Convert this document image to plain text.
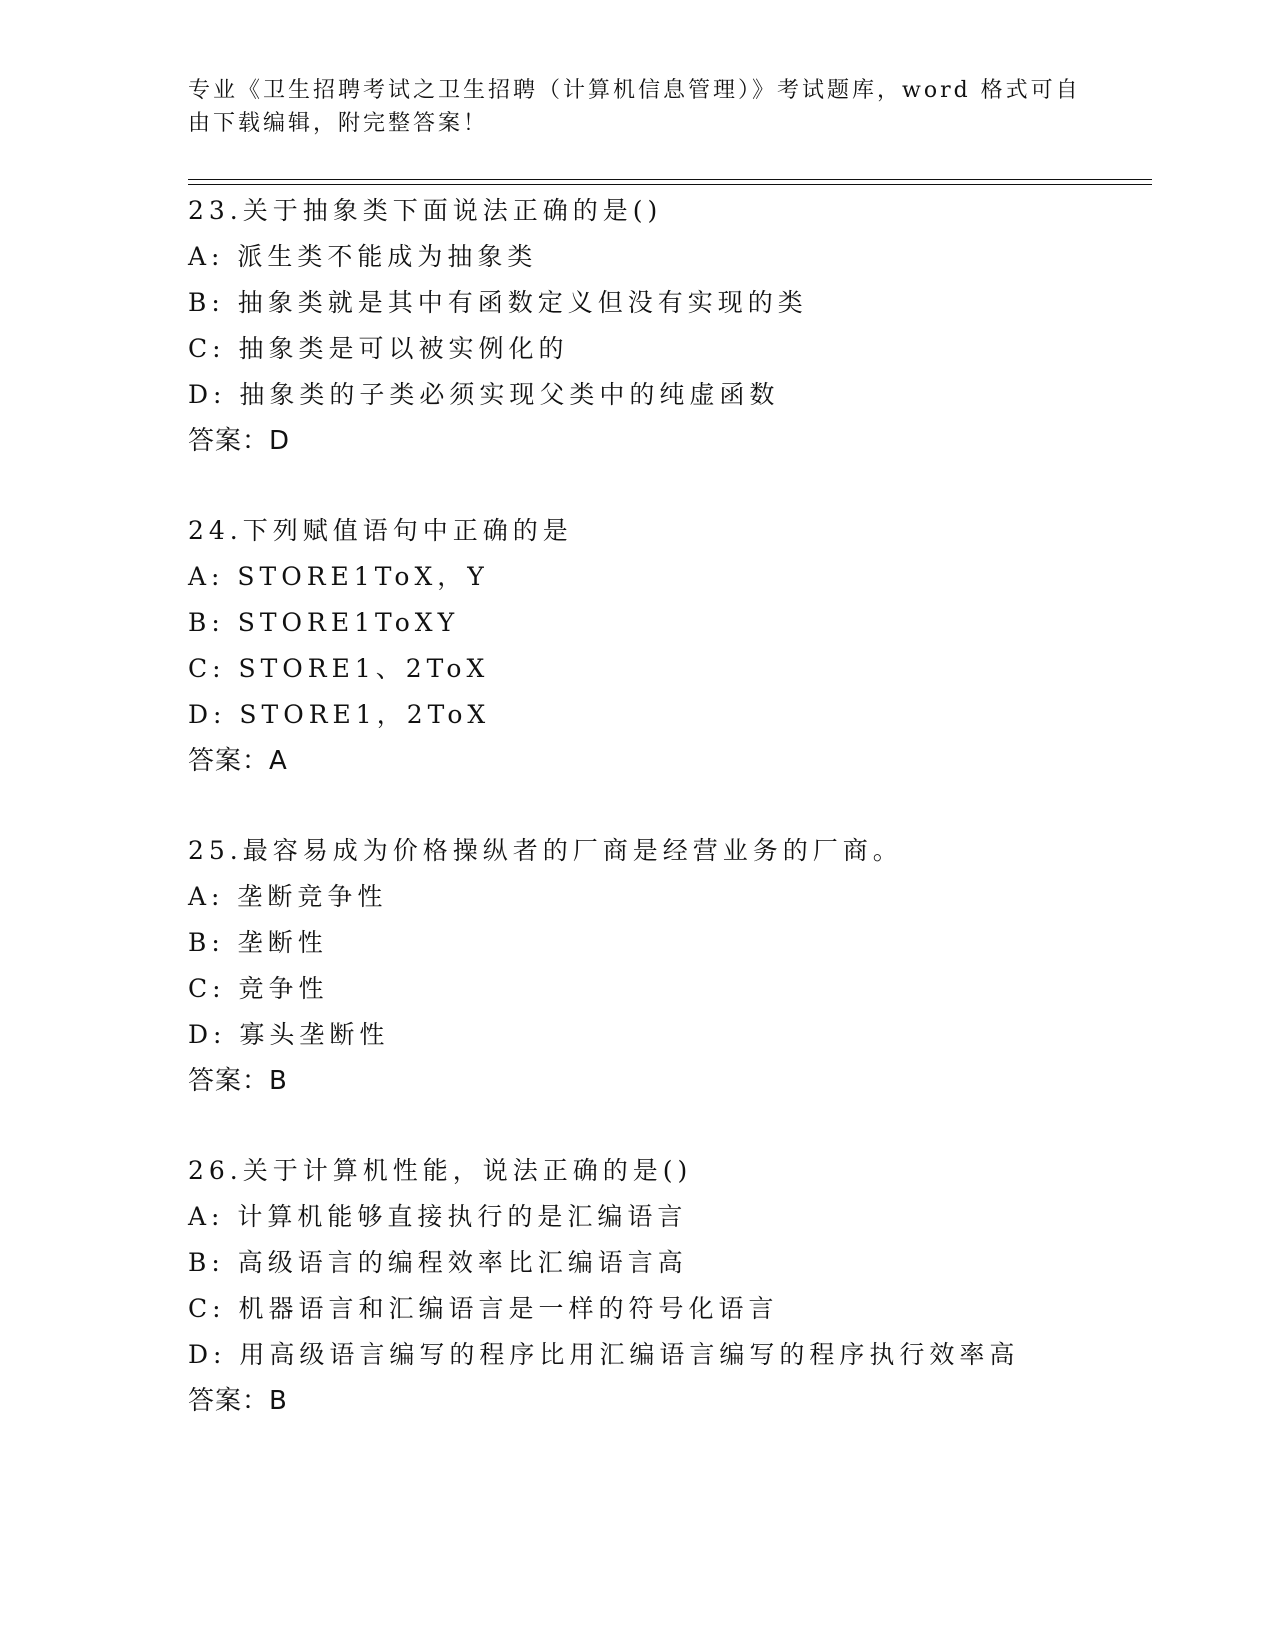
专业《卫生招聘考试之卫生招聘（计算机信息管理）》考试题库，word 格式可自
由下载编辑，附完整答案！
23.关于抽象类下面说法正确的是()
A: 派生类不能成为抽象类
B: 抽象类就是其中有函数定义但没有实现的类
C: 抽象类是可以被实例化的
D: 抽象类的子类必须实现父类中的纯虚函数
答案：D
24.下列赋值语句中正确的是
A: STORE1ToX，Y
B: STORE1ToXY
C: STORE1、2ToX
D: STORE1，2ToX
答案：A
25.最容易成为价格操纵者的厂商是经营业务的厂商。
A: 垄断竞争性
B: 垄断性
C: 竞争性
D: 寡头垄断性
答案：B
26.关于计算机性能，说法正确的是()
A: 计算机能够直接执行的是汇编语言
B: 高级语言的编程效率比汇编语言高
C: 机器语言和汇编语言是一样的符号化语言
D: 用高级语言编写的程序比用汇编语言编写的程序执行效率高
答案：B
